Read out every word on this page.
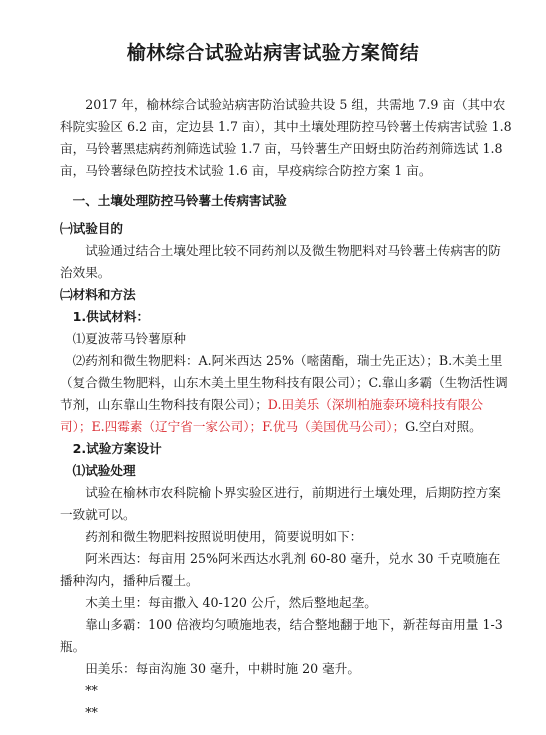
榆林综合试验站病害试验方案简结

2017 年，榆林综合试验站病害防治试验共设 5 组，共需地 7.9 亩（其中农科院实验区 6.2 亩，定边县 1.7 亩），其中土壤处理防控马铃薯土传病害试验 1.8 亩，马铃薯黑痣病药剂筛选试验 1.7 亩，马铃薯生产田蚜虫防治药剂筛选试 1.8 亩，马铃薯绿色防控技术试验 1.6 亩，早疫病综合防控方案 1 亩。

一、土壤处理防控马铃薯土传病害试验

㈠试验目的

试验通过结合土壤处理比较不同药剂以及微生物肥料对马铃薯土传病害的防治效果。

㈡材料和方法

1.供试材料：

⑴夏波蒂马铃薯原种

⑵药剂和微生物肥料：A.阿米西达 25%（嘧菌酯，瑞士先正达）；B.木美土里（复合微生物肥料，山东木美土里生物科技有限公司）；C.靠山多霸（生物活性调节剂，山东靠山生物科技有限公司）；D.田美乐（深圳柏施泰环境科技有限公司）；E.四霉素（辽宁省一家公司）；F.优马（美国优马公司）；G.空白对照。

2.试验方案设计

⑴试验处理

试验在榆林市农科院榆卜界实验区进行，前期进行土壤处理，后期防控方案一致就可以。

药剂和微生物肥料按照说明使用，简要说明如下：

阿米西达：每亩用 25%阿米西达水乳剂 60-80 毫升，兑水 30 千克喷施在播种沟内，播种后覆土。

木美土里：每亩撒入 40-120 公斤，然后整地起垄。

靠山多霸：100 倍液均匀喷施地表，结合整地翻于地下，新茬每亩用量 1-3 瓶。

田美乐：每亩沟施 30 毫升，中耕时施 20 毫升。

**

**
